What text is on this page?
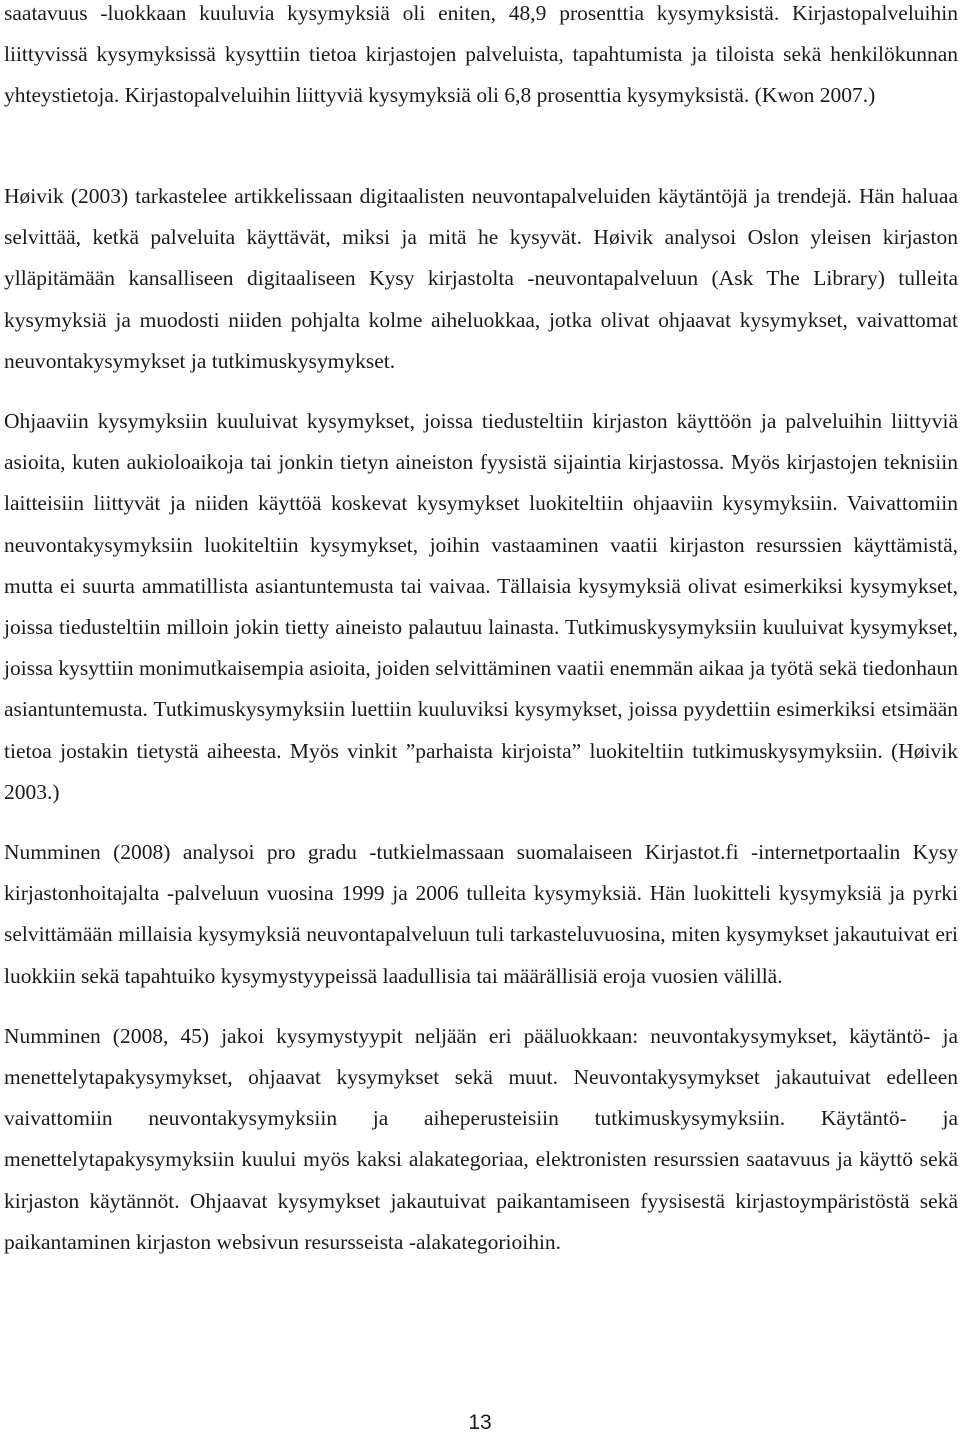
saatavuus -luokkaan kuuluvia kysymyksiä oli eniten, 48,9 prosenttia kysymyksistä. Kirjastopalveluihin liittyvissä kysymyksissä kysyttiin tietoa kirjastojen palveluista, tapahtumista ja tiloista sekä henkilökunnan yhteystietoja. Kirjastopalveluihin liittyviä kysymyksiä oli 6,8 prosenttia kysymyksistä. (Kwon 2007.)

Høivik (2003) tarkastelee artikkelissaan digitaalisten neuvontapalveluiden käytäntöjä ja trendejä. Hän haluaa selvittää, ketkä palveluita käyttävät, miksi ja mitä he kysyvät. Høivik analysoi Oslon yleisen kirjaston ylläpitämään kansalliseen digitaaliseen Kysy kirjastolta -neuvontapalveluun (Ask The Library) tulleita kysymyksiä ja muodosti niiden pohjalta kolme aiheluokkaa, jotka olivat ohjaavat kysymykset, vaivattomat neuvontakysymykset ja tutkimuskysymykset.

Ohjaaviin kysymyksiin kuuluivat kysymykset, joissa tiedusteltiin kirjaston käyttöön ja palveluihin liittyviä asioita, kuten aukioloaikoja tai jonkin tietyn aineiston fyysistä sijaintia kirjastossa. Myös kirjastojen teknisiin laitteisiin liittyvät ja niiden käyttöä koskevat kysymykset luokiteltiin ohjaaviin kysymyksiin. Vaivattomiin neuvontakysymyksiin luokiteltiin kysymykset, joihin vastaaminen vaatii kirjaston resurssien käyttämistä, mutta ei suurta ammatillista asiantuntemusta tai vaivaa. Tällaisia kysymyksiä olivat esimerkiksi kysymykset, joissa tiedusteltiin milloin jokin tietty aineisto palautuu lainasta. Tutkimuskysymyksiin kuuluivat kysymykset, joissa kysyttiin monimutkaisempia asioita, joiden selvittäminen vaatii enemmän aikaa ja työtä sekä tiedonhaun asiantuntemusta. Tutkimuskysymyksiin luettiin kuuluviksi kysymykset, joissa pyydettiin esimerkiksi etsimään tietoa jostakin tietystä aiheesta. Myös vinkit ”parhaista kirjoista” luokiteltiin tutkimuskysymyksiin. (Høivik 2003.)

Numminen (2008) analysoi pro gradu -tutkielmassaan suomalaiseen Kirjastot.fi -internetportaalin Kysy kirjastonhoitajalta -palveluun vuosina 1999 ja 2006 tulleita kysymyksiä. Hän luokitteli kysymyksiä ja pyrki selvittämään millaisia kysymyksiä neuvontapalveluun tuli tarkasteluvuosina, miten kysymykset jakautuivat eri luokkiin sekä tapahtuiko kysymystyypeissä laadullisia tai määrällisiä eroja vuosien välillä.

Numminen (2008, 45) jakoi kysymystyypit neljään eri pääluokkaan: neuvontakysymykset, käytäntö- ja menettelytapakysymykset, ohjaavat kysymykset sekä muut. Neuvontakysymykset jakautuivat edelleen vaivattomiin neuvontakysymyksiin ja aiheperusteisiin tutkimuskysymyksiin. Käytäntö- ja menettelytapakysymyksiin kuului myös kaksi alakategoriaa, elektronisten resurssien saatavuus ja käyttö sekä kirjaston käytännöt. Ohjaavat kysymykset jakautuivat paikantamiseen fyysisestä kirjastoympäristöstä sekä paikantaminen kirjaston websivun resursseista -alakategorioihin.

13
